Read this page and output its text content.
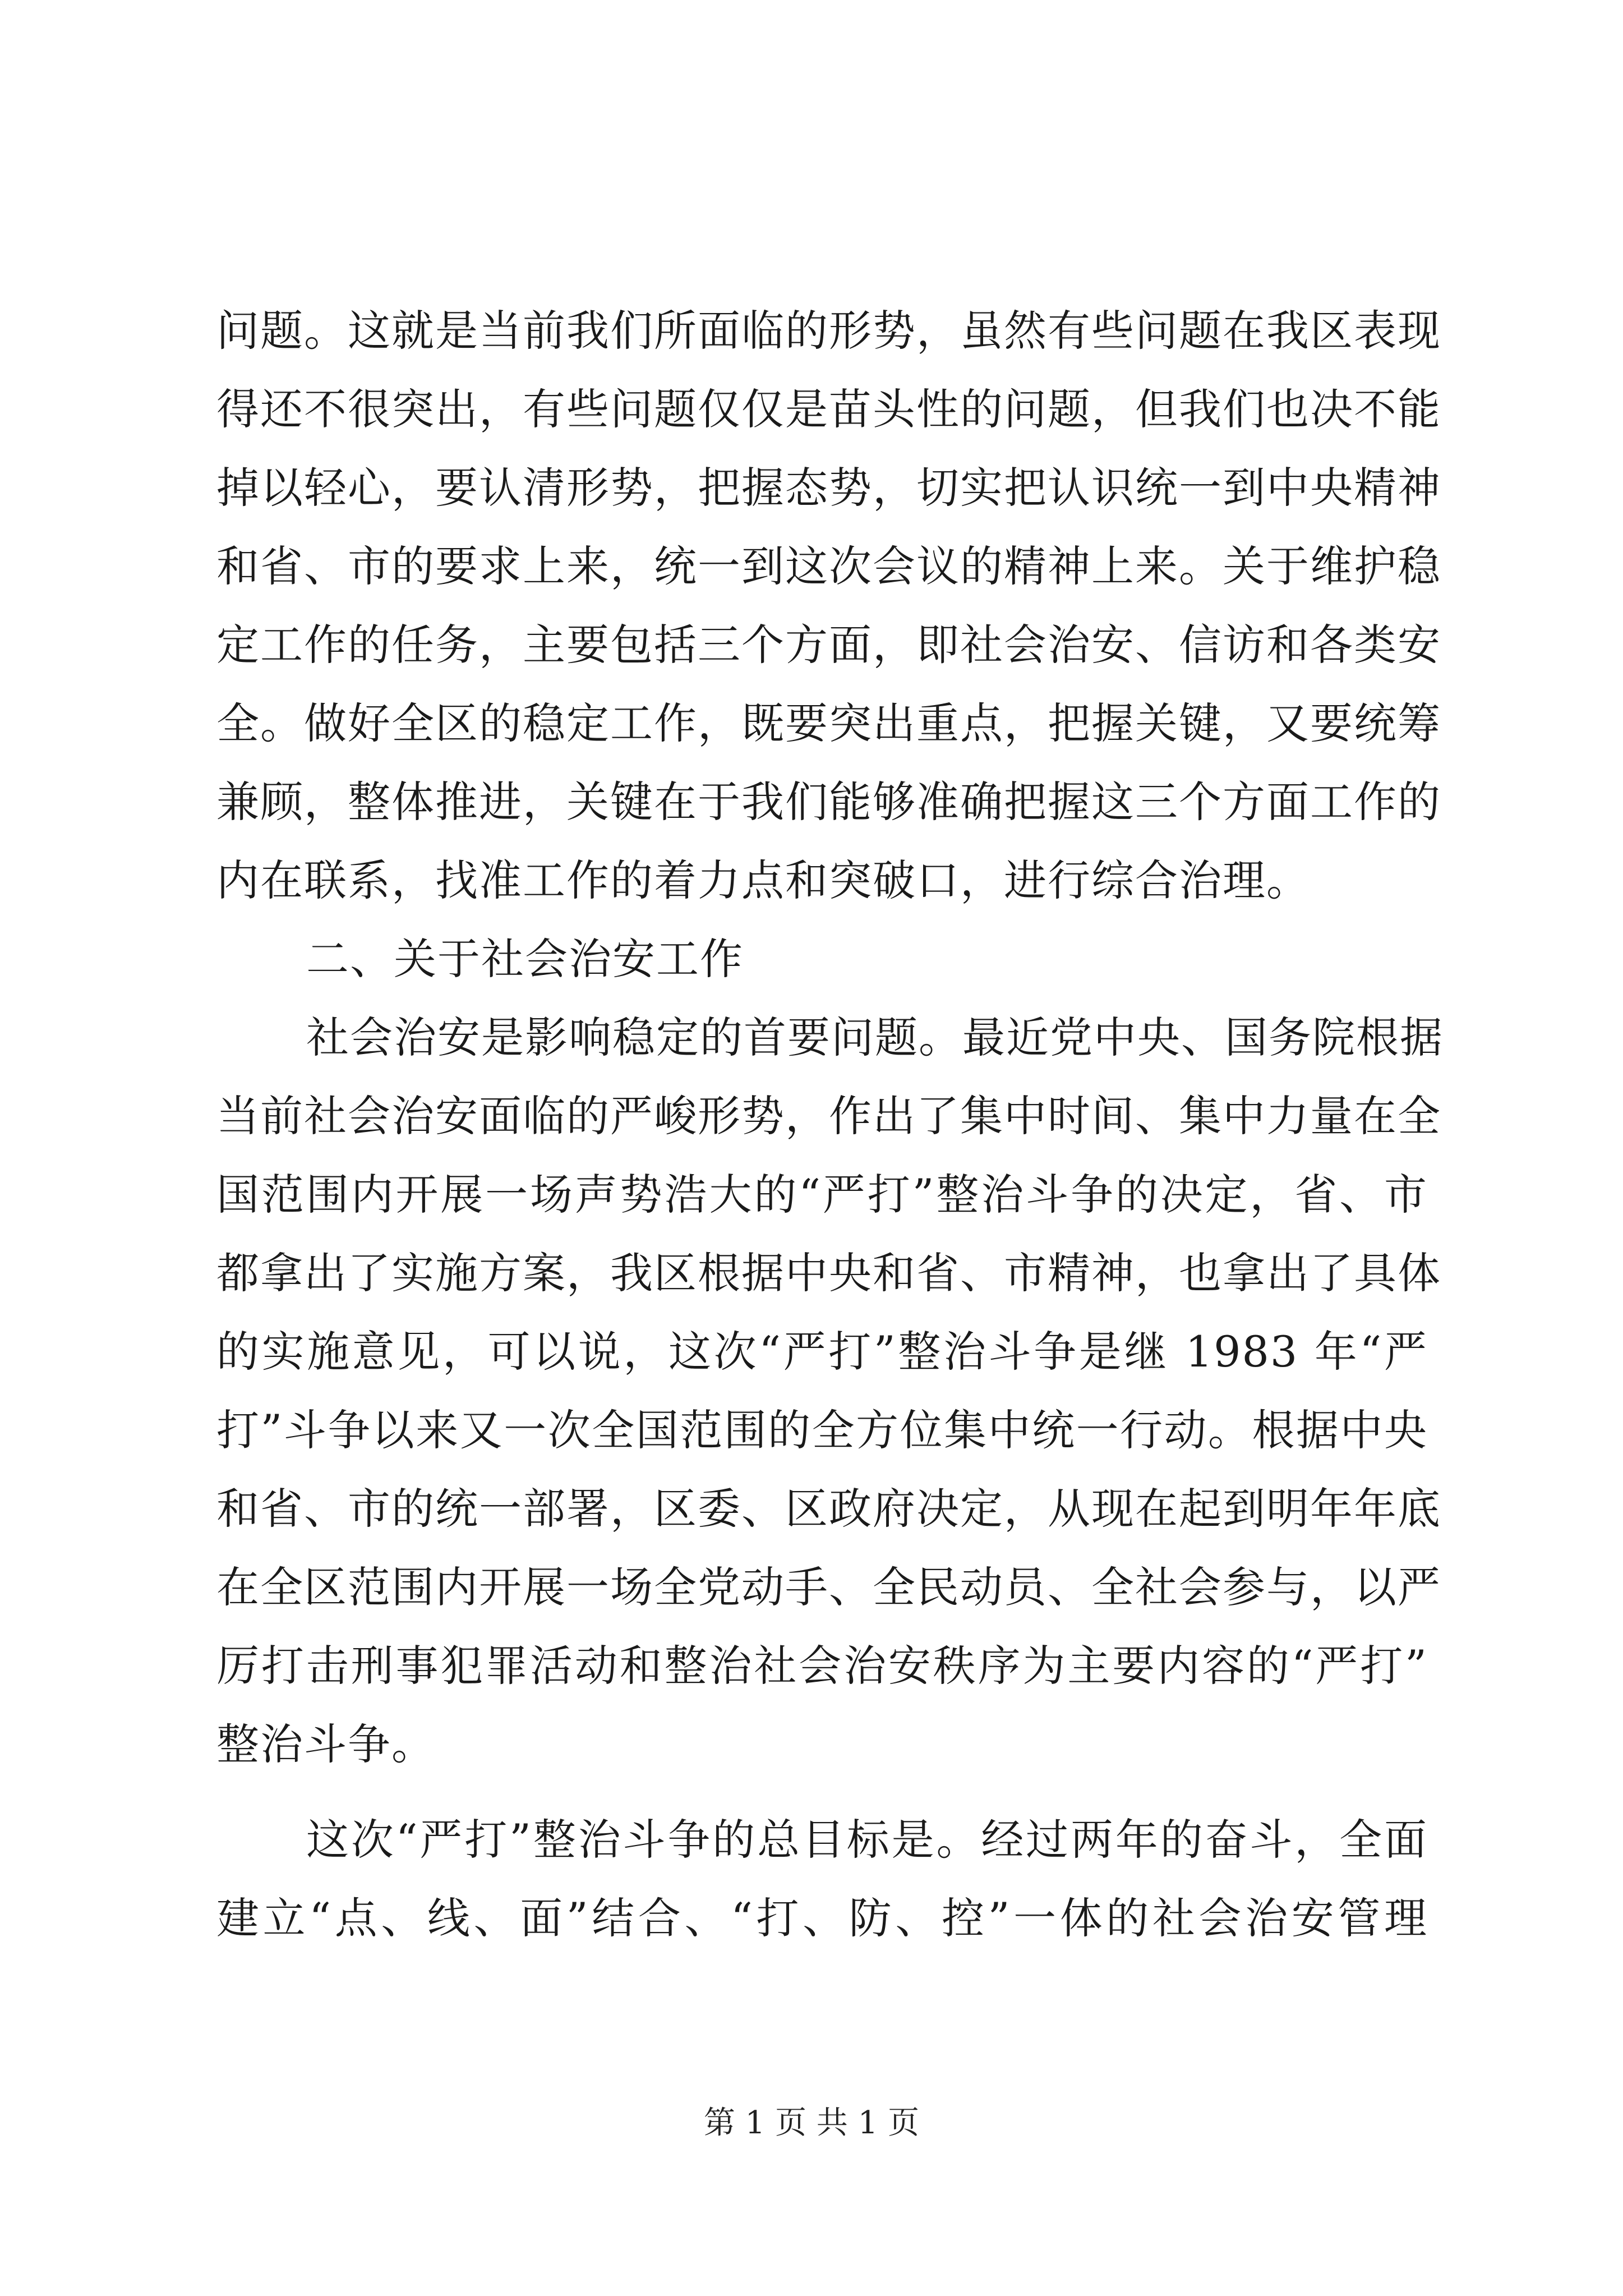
问题。这就是当前我们所面临的形势，虽然有些问题在我区表现
得还不很突出，有些问题仅仅是苗头性的问题，但我们也决不能
掉以轻心，要认清形势，把握态势，切实把认识统一到中央精神
和省、市的要求上来，统一到这次会议的精神上来。关于维护稳
定工作的任务，主要包括三个方面，即社会治安、信访和各类安
全。做好全区的稳定工作，既要突出重点，把握关键，又要统筹
兼顾，整体推进，关键在于我们能够准确把握这三个方面工作的
内在联系，找准工作的着力点和突破口，进行综合治理。
二、关于社会治安工作
社会治安是影响稳定的首要问题。最近党中央、国务院根据
当前社会治安面临的严峻形势，作出了集中时间、集中力量在全
国范围内开展一场声势浩大的“严打”整治斗争的决定，省、市
都拿出了实施方案，我区根据中央和省、市精神，也拿出了具体
的实施意见，可以说，这次“严打”整治斗争是继 1983 年“严
打”斗争以来又一次全国范围的全方位集中统一行动。根据中央
和省、市的统一部署，区委、区政府决定，从现在起到明年年底
在全区范围内开展一场全党动手、全民动员、全社会参与，以严
厉打击刑事犯罪活动和整治社会治安秩序为主要内容的“严打”
整治斗争。
这次“严打”整治斗争的总目标是。经过两年的奋斗，全面
建立“点、线、面”结合、“打、防、控”一体的社会治安管理
第 1 页 共 1 页
